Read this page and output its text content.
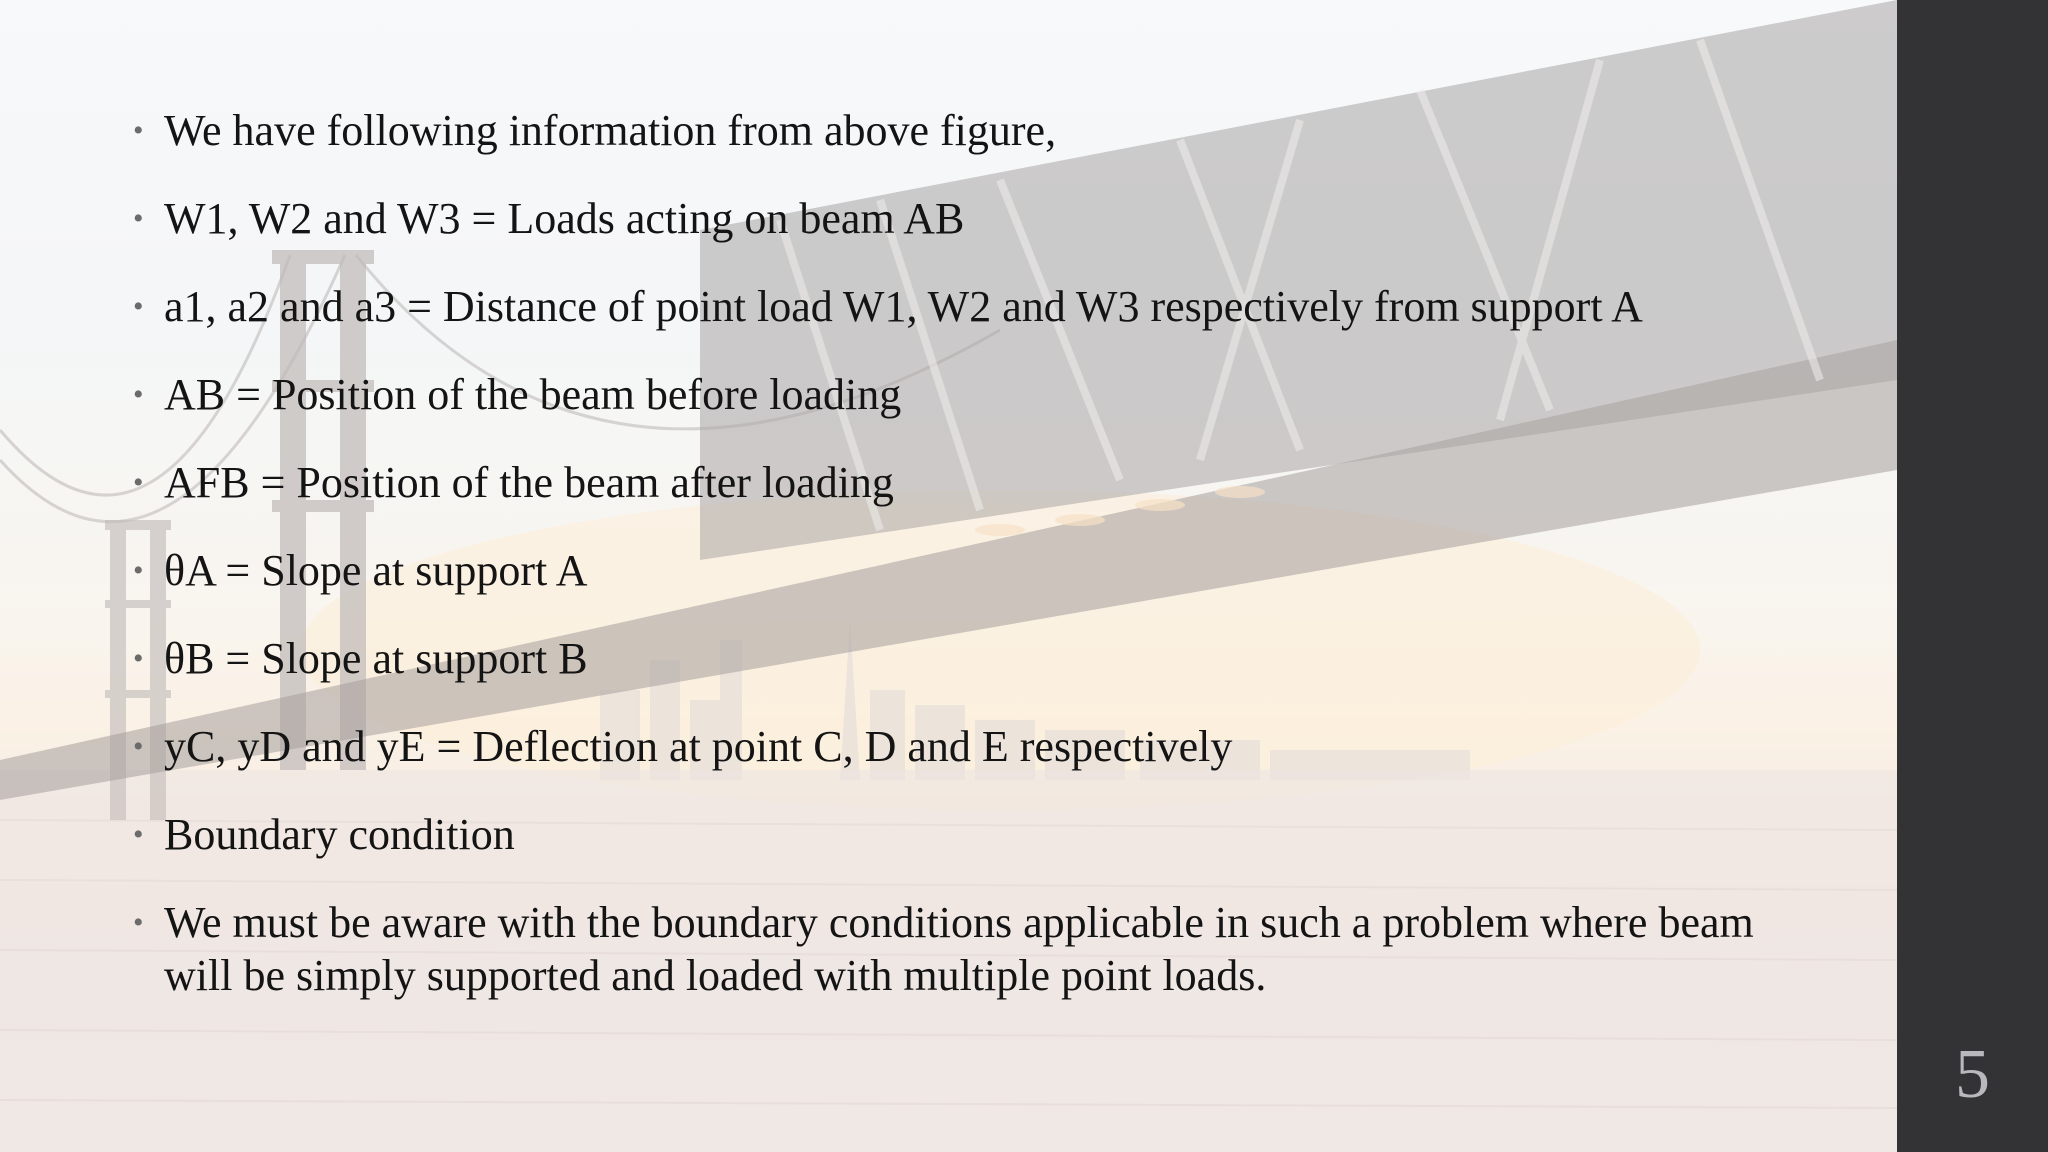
5
• We have following information from above figure,
• W1, W2 and W3 = Loads acting on beam AB
• a1, a2 and a3 = Distance of point load W1, W2 and W3 respectively from support A
• AB = Position of the beam before loading
• AFB = Position of the beam after loading
• θA = Slope at support A
• θB = Slope at support B
• yC, yD and yE = Deflection at point C, D and E respectively
• Boundary condition
• We must be aware with the boundary conditions applicable in such a problem where beam will be simply supported and loaded with multiple point loads.
